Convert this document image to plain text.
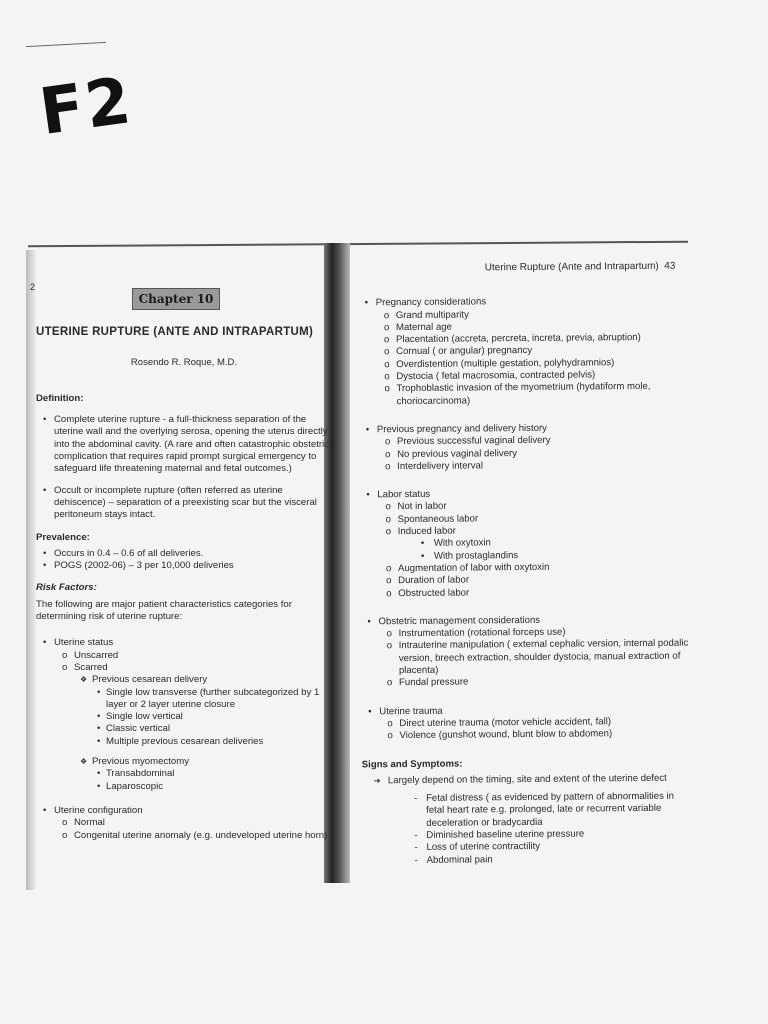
F2
2
Chapter 10
UTERINE RUPTURE (ANTE AND INTRAPARTUM)
Rosendo R. Roque, M.D.
Definition:
• Complete uterine rupture - a full-thickness separation of the uterine wall and the overlying serosa, opening the uterus directly into the abdominal cavity. (A rare and often catastrophic obstetric complication that requires rapid prompt surgical emergency to safeguard life threatening maternal and fetal outcomes.)
• Occult or incomplete rupture (often referred as uterine dehiscence) – separation of a preexisting scar but the visceral peritoneum stays intact.
Prevalence:
• Occurs in 0.4 – 0.6 of all deliveries.
• POGS (2002-06) – 3 per 10,000 deliveries
Risk Factors:
The following are major patient characteristics categories for determining risk of uterine rupture:
• Uterine status
o Unscarred
o Scarred
❖ Previous cesarean delivery
• Single low transverse (further subcategorized by 1 layer or 2 layer uterine closure
• Single low vertical
• Classic vertical
• Multiple previous cesarean deliveries
❖ Previous myomectomy
• Transabdominal
• Laparoscopic
• Uterine configuration
o Normal
o Congenital uterine anomaly (e.g. undeveloped uterine horn)
Uterine Rupture (Ante and Intrapartum) 43
• Pregnancy considerations
o Grand multiparity
o Maternal age
o Placentation (accreta, percreta, increta, previa, abruption)
o Cornual ( or angular) pregnancy
o Overdistention (multiple gestation, polyhydramnios)
o Dystocia ( fetal macrosomia, contracted pelvis)
o Trophoblastic invasion of the myometrium (hydatiform mole, choriocarcinoma)
• Previous pregnancy and delivery history
o Previous successful vaginal delivery
o No previous vaginal delivery
o Interdelivery interval
• Labor status
o Not in labor
o Spontaneous labor
o Induced labor
• With oxytoxin
• With prostaglandins
o Augmentation of labor with oxytoxin
o Duration of labor
o Obstructed labor
• Obstetric management considerations
o Instrumentation (rotational forceps use)
o Intrauterine manipulation ( external cephalic version, internal podalic version, breech extraction, shoulder dystocia, manual extraction of placenta)
o Fundal pressure
• Uterine trauma
o Direct uterine trauma (motor vehicle accident, fall)
o Violence (gunshot wound, blunt blow to abdomen)
Signs and Symptoms:
➔ Largely depend on the timing, site and extent of the uterine defect
- Fetal distress ( as evidenced by pattern of abnormalities in fetal heart rate e.g. prolonged, late or recurrent variable deceleration or bradycardia
- Diminished baseline uterine pressure
- Loss of uterine contractility
- Abdominal pain
